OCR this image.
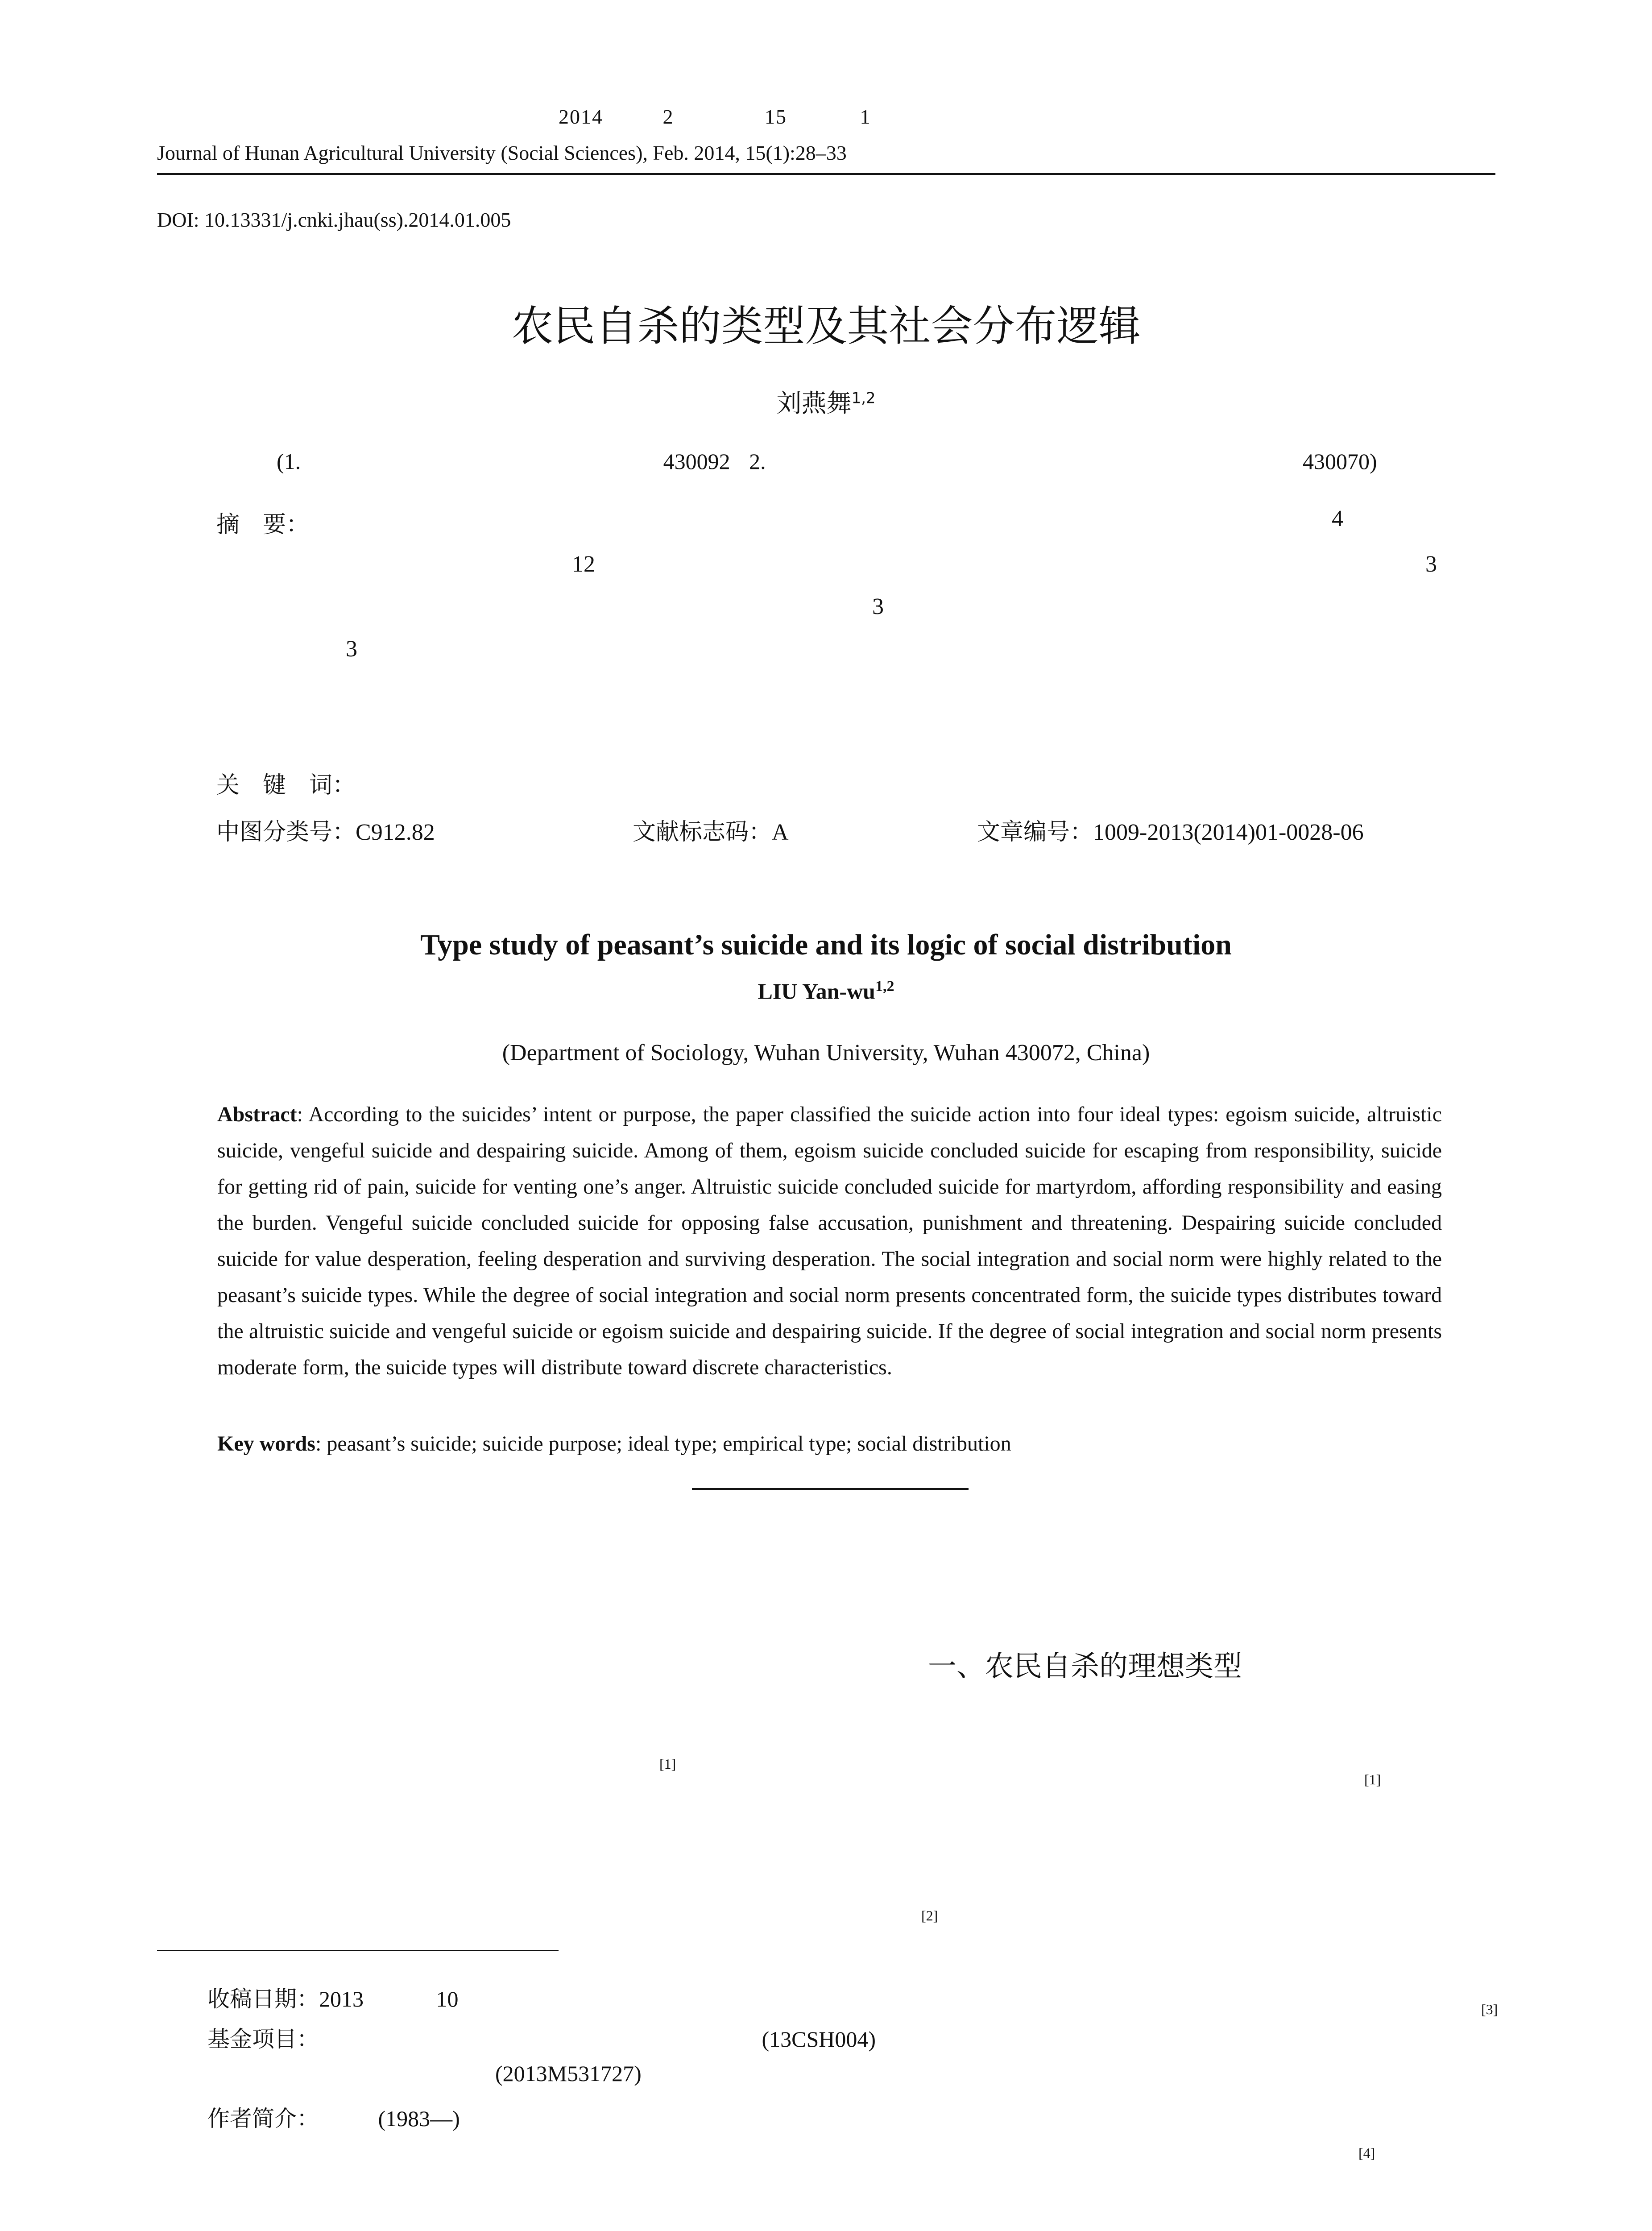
2014	2	15	1
Journal of Hunan Agricultural University (Social Sciences), Feb. 2014, 15(1):28–33
DOI: 10.13331/j.cnki.jhau(ss).2014.01.005
农民自杀的类型及其社会分布逻辑
刘燕舞$^{1,2}$
(1.	430092 2.	430070)
摘　要：	4
12	3
3
3
关　键　词：
中图分类号：C912.82	文献标志码：A	文章编号：1009-2013(2014)01-0028-06
Type study of peasant’s suicide and its logic of social distribution
LIU Yan-wu$^{1,2}$
(Department of Sociology, Wuhan University, Wuhan 430072, China)
Abstract: According to the suicides’ intent or purpose, the paper classified the suicide action into four ideal types: egoism suicide, altruistic suicide, vengeful suicide and despairing suicide. Among of them, egoism suicide concluded suicide for escaping from responsibility, suicide for getting rid of pain, suicide for venting one’s anger. Altruistic suicide concluded suicide for martyrdom, affording responsibility and easing the burden. Vengeful suicide concluded suicide for opposing false accusation, punishment and threatening. Despairing suicide concluded suicide for value desperation, feeling desperation and surviving desperation. The social integration and social norm were highly related to the peasant’s suicide types. While the degree of social integration and social norm presents concentrated form, the suicide types distributes toward the altruistic suicide and vengeful suicide or egoism suicide and despairing suicide. If the degree of social integration and social norm presents moderate form, the suicide types will distribute toward discrete characteristics.
Key words: peasant’s suicide; suicide purpose; ideal type; empirical type; social distribution
[1]
一、农民自杀的理想类型
[1]
[2]
[3]
[4]
收稿日期：2013	10
基金项目：	(13CSH004)
(2013M531727)
作者简介：	(1983—)
